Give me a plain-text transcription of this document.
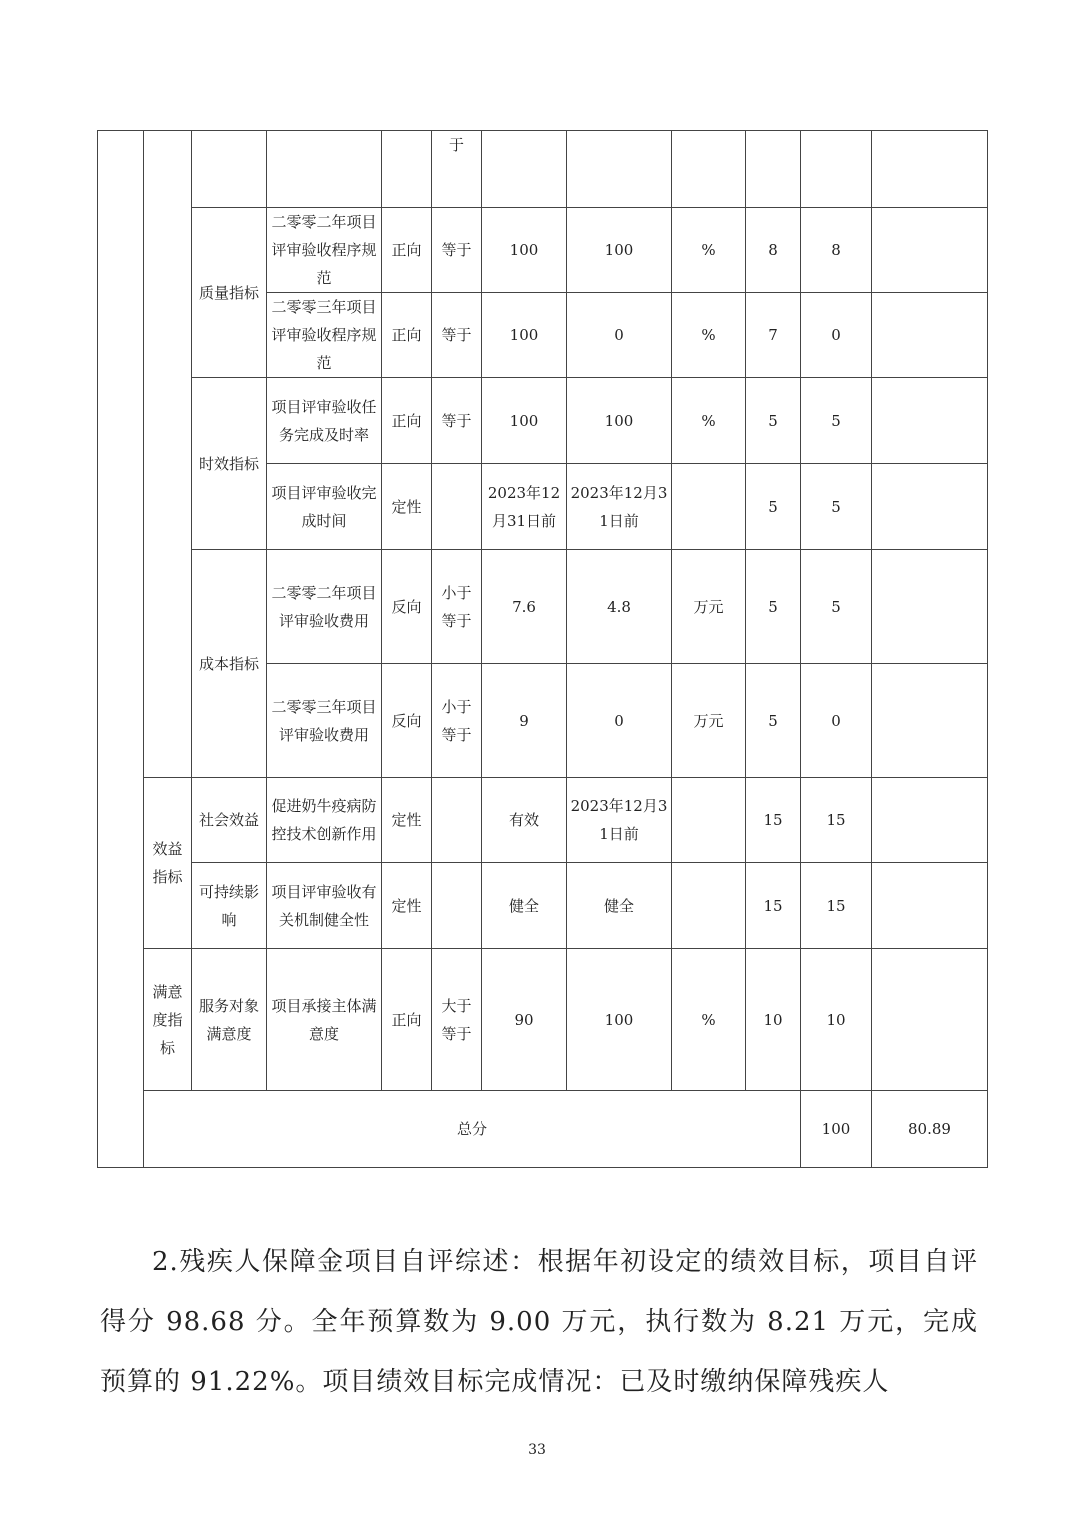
					于							
		质量指标	二零零二年项目评审验收程序规范	正向	等于	100	100	%	8	8		
			二零零三年项目评审验收程序规范	正向	等于	100	0	%	7	0		
		时效指标	项目评审验收任务完成及时率	正向	等于	100	100	%	5	5		
			项目评审验收完成时间	定性		2023年12月31日前	2023年12月31日前		5	5		
		成本指标	二零零二年项目评审验收费用	反向	小于等于	7.6	4.8	万元	5	5		
			二零零三年项目评审验收费用	反向	小于等于	9	0	万元	5	0		
	效益指标	社会效益	促进奶牛疫病防控技术创新作用	定性		有效	2023年12月31日前		15	15		
		可持续影响	项目评审验收有关机制健全性	定性		健全	健全		15	15		
	满意度指标	服务对象满意度	项目承接主体满意度	正向	大于等于	90	100	%	10	10		
	总分									100	80.89	

2.残疾人保障金项目自评综述：根据年初设定的绩效目标，项目自评得分 98.68 分。全年预算数为 9.00 万元，执行数为 8.21 万元，完成预算的 91.22%。项目绩效目标完成情况：已及时缴纳保障残疾人

33
